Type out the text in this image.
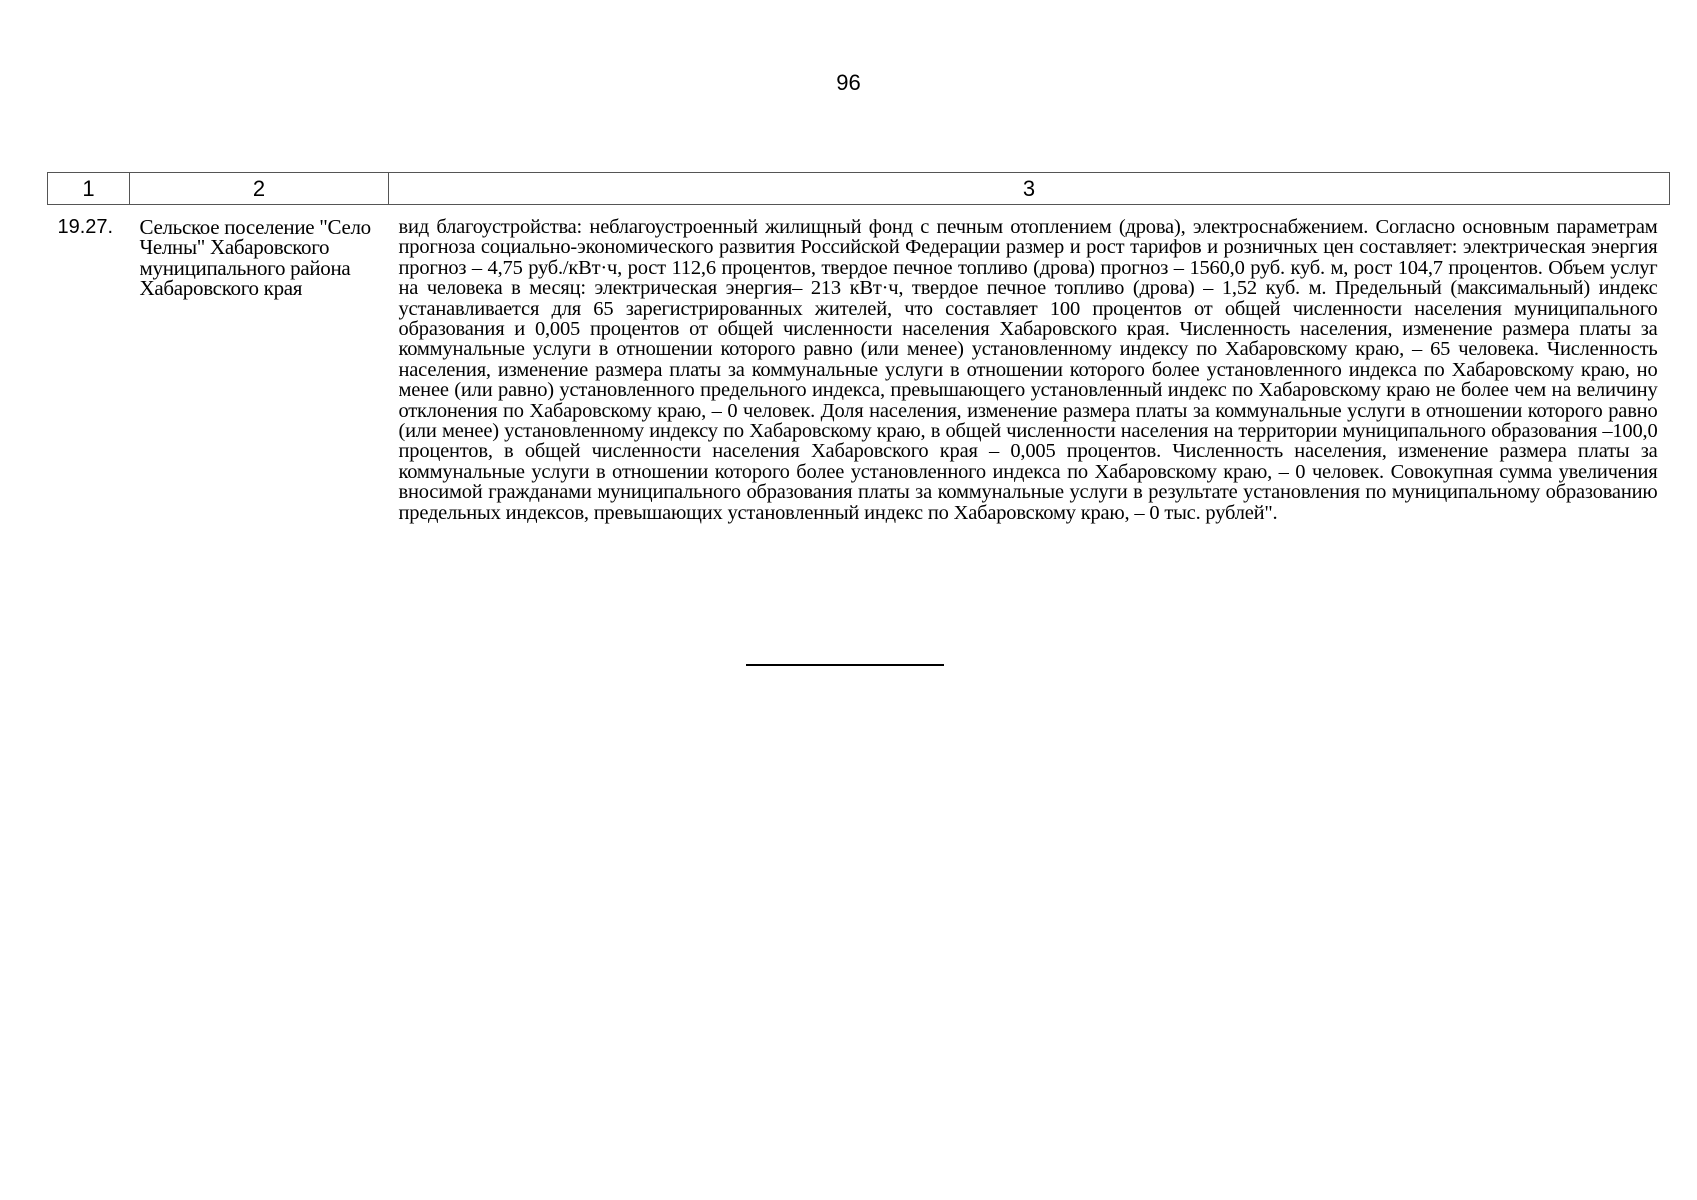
96
1	2	3
19.27.	Сельское поселение "Село Челны" Хабаровского муниципального района Хабаровского края	вид благоустройства: неблагоустроенный жилищный фонд с печным отоплением (дрова), электроснабжением. Согласно основным параметрам прогноза социально-экономического развития Российской Федерации размер и рост тарифов и розничных цен составляет: электрическая энергия прогноз – 4,75 руб./кВт·ч, рост 112,6 процентов, твердое печное топливо (дрова) прогноз – 1560,0 руб. куб. м, рост 104,7 процентов. Объем услуг на человека в месяц: электрическая энергия– 213 кВт·ч, твердое печное топливо (дрова) – 1,52 куб. м. Предельный (максимальный) индекс устанавливается для 65 зарегистрированных жителей, что составляет 100 процентов от общей численности населения муниципального образования и 0,005 процентов от общей численности населения Хабаровского края. Численность населения, изменение размера платы за коммунальные услуги в отношении которого равно (или менее) установленному индексу по Хабаровскому краю, – 65 человека. Численность населения, изменение размера платы за коммунальные услуги в отношении которого более установленного индекса по Хабаровскому краю, но менее (или равно) установленного предельного индекса, превышающего установленный индекс по Хабаровскому краю не более чем на величину отклонения по Хабаровскому краю, – 0 человек. Доля населения, изменение размера платы за коммунальные услуги в отношении которого равно (или менее) установленному индексу по Хабаровскому краю, в общей численности населения на территории муниципального образования –100,0 процентов, в общей численности населения Хабаровского края – 0,005 процентов. Численность населения, изменение размера платы за коммунальные услуги в отношении которого более установленного индекса по Хабаровскому краю, – 0 человек. Совокупная сумма увеличения вносимой гражданами муниципального образования платы за коммунальные услуги в результате установления по муниципальному образованию предельных индексов, превышающих установленный индекс по Хабаровскому краю, – 0 тыс. рублей".
